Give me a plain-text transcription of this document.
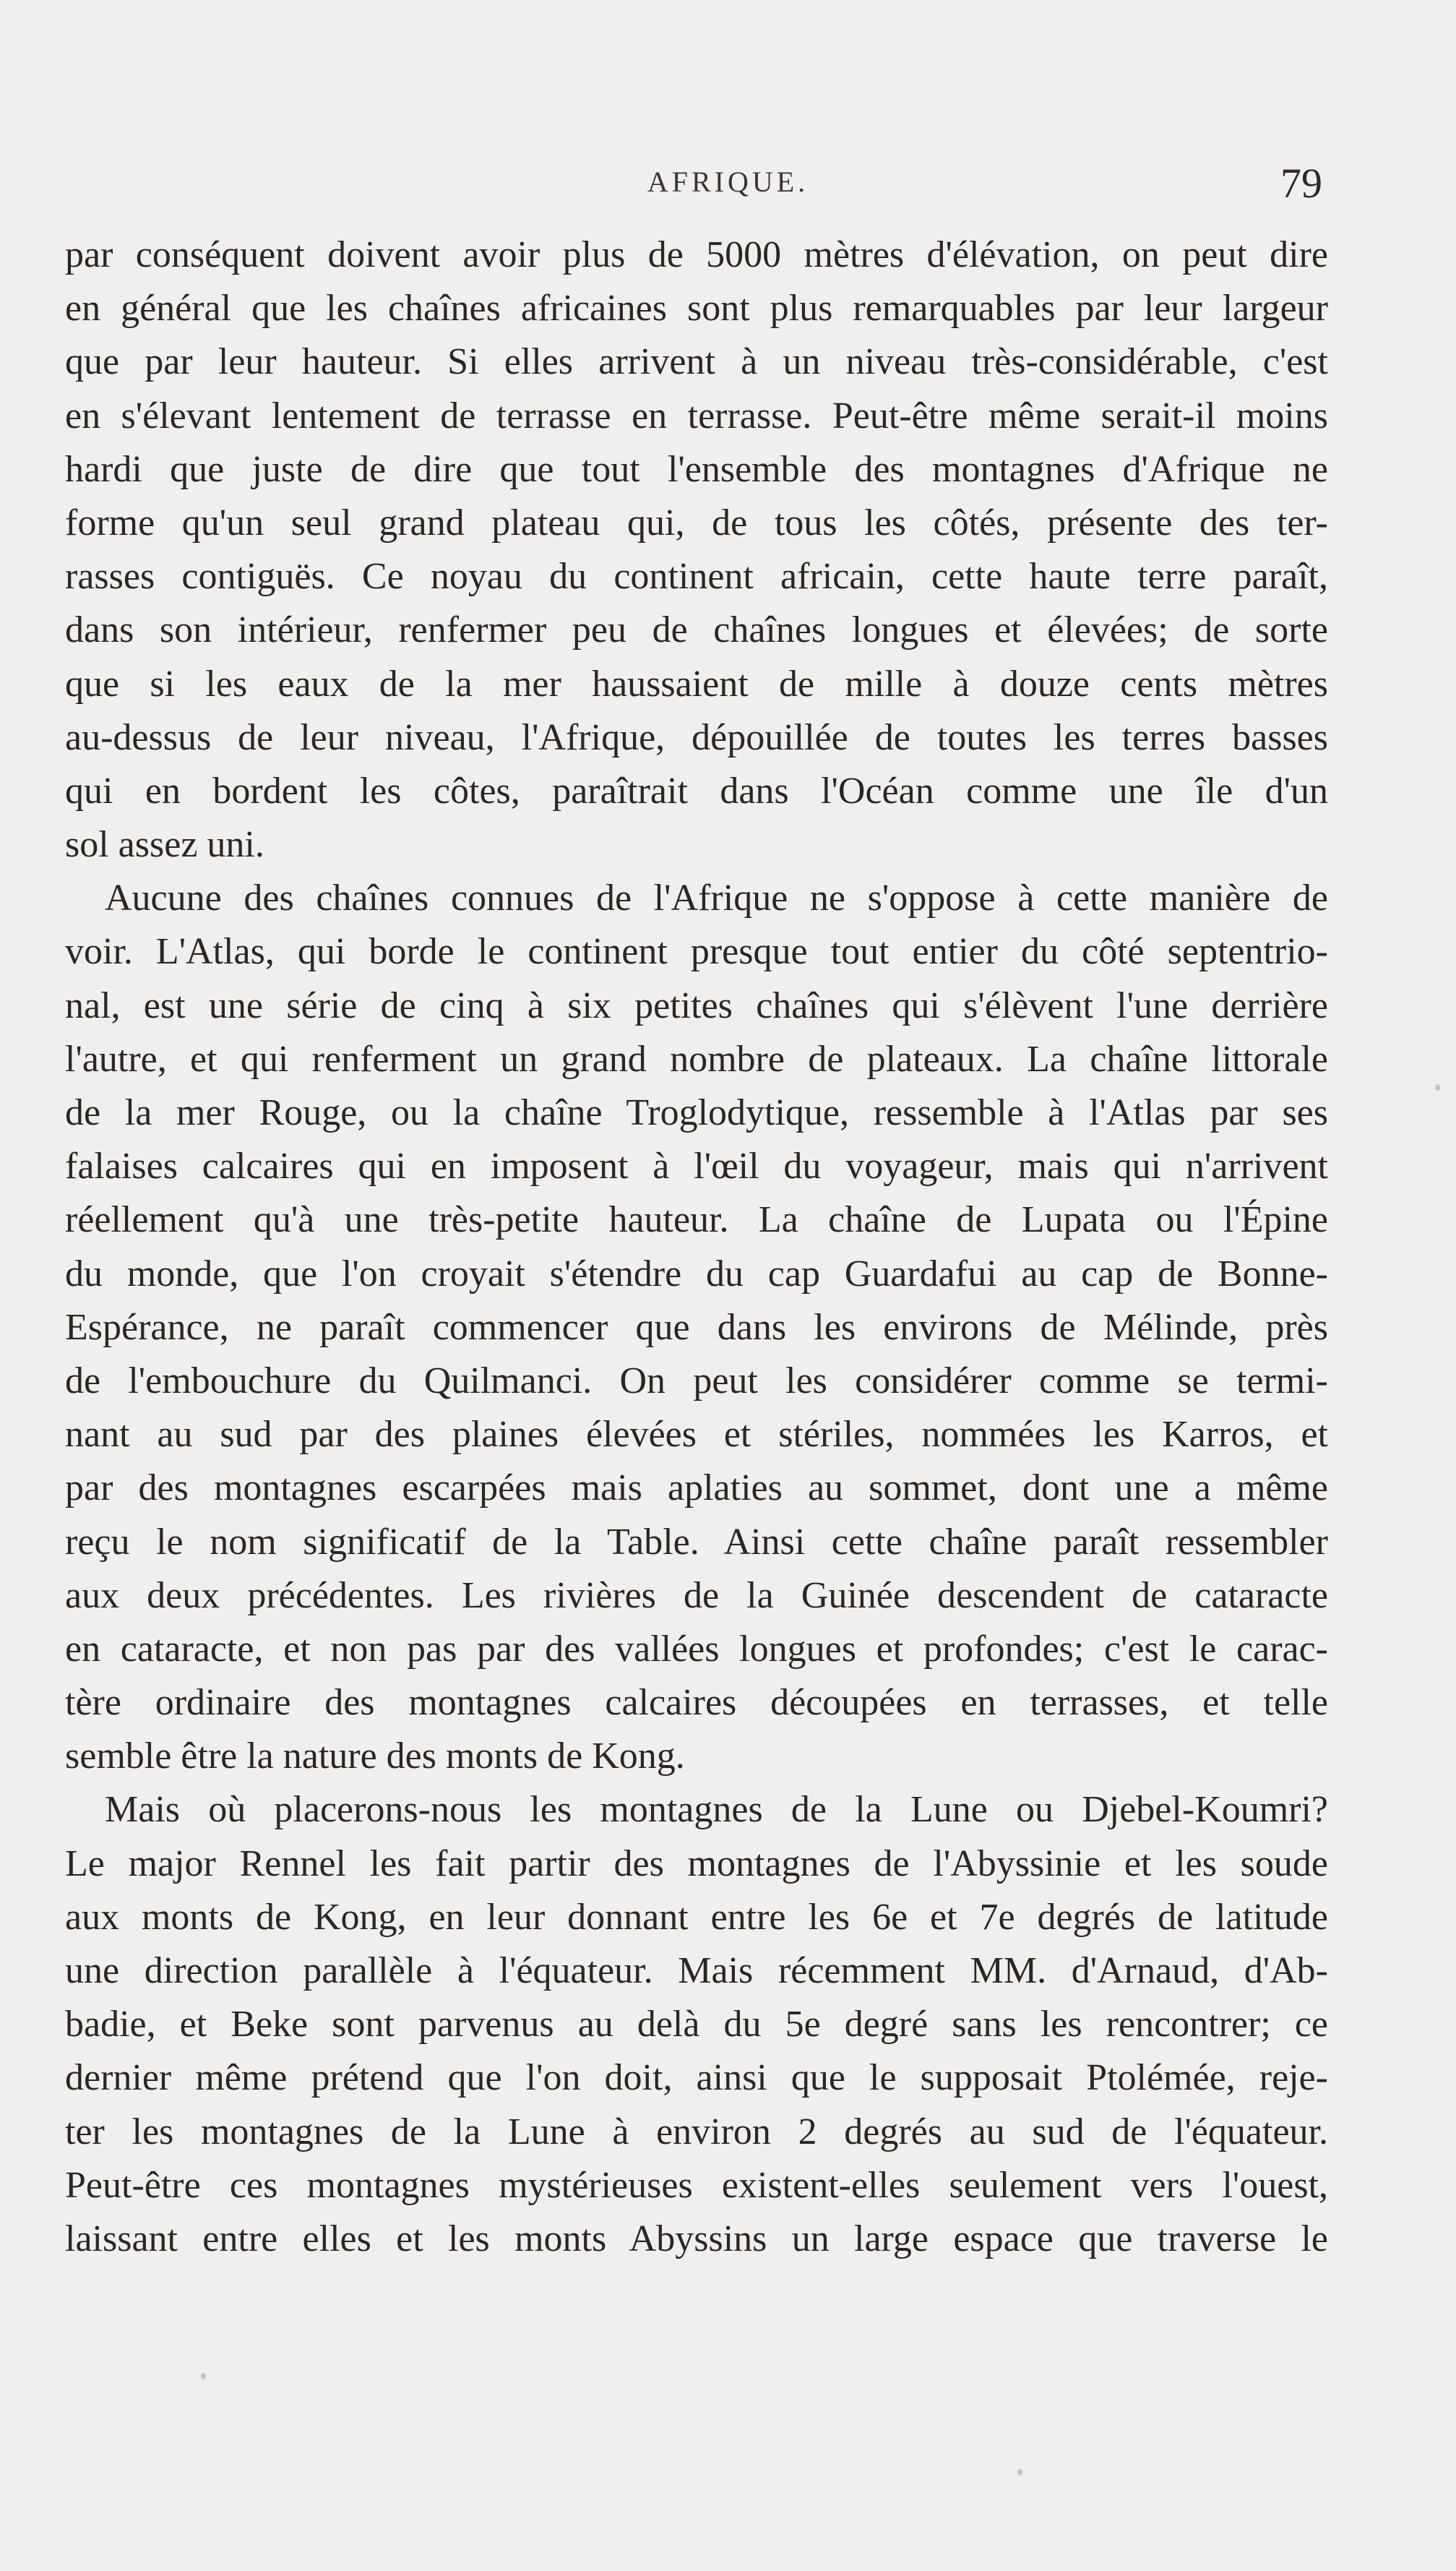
AFRIQUE.	79
par conséquent doivent avoir plus de 5000 mètres d'élévation, on peut dire
en général que les chaînes africaines sont plus remarquables par leur largeur
que par leur hauteur. Si elles arrivent à un niveau très-considérable, c'est
en s'élevant lentement de terrasse en terrasse. Peut-être même serait-il moins
hardi que juste de dire que tout l'ensemble des montagnes d'Afrique ne
forme qu'un seul grand plateau qui, de tous les côtés, présente des ter-
rasses contiguës. Ce noyau du continent africain, cette haute terre paraît,
dans son intérieur, renfermer peu de chaînes longues et élevées; de sorte
que si les eaux de la mer haussaient de mille à douze cents mètres
au-dessus de leur niveau, l'Afrique, dépouillée de toutes les terres basses
qui en bordent les côtes, paraîtrait dans l'Océan comme une île d'un
sol assez uni.
Aucune des chaînes connues de l'Afrique ne s'oppose à cette manière de
voir. L'Atlas, qui borde le continent presque tout entier du côté septentrio-
nal, est une série de cinq à six petites chaînes qui s'élèvent l'une derrière
l'autre, et qui renferment un grand nombre de plateaux. La chaîne littorale
de la mer Rouge, ou la chaîne Troglodytique, ressemble à l'Atlas par ses
falaises calcaires qui en imposent à l'œil du voyageur, mais qui n'arrivent
réellement qu'à une très-petite hauteur. La chaîne de Lupata ou l'Épine
du monde, que l'on croyait s'étendre du cap Guardafui au cap de Bonne-
Espérance, ne paraît commencer que dans les environs de Mélinde, près
de l'embouchure du Quilmanci. On peut les considérer comme se termi-
nant au sud par des plaines élevées et stériles, nommées les Karros, et
par des montagnes escarpées mais aplaties au sommet, dont une a même
reçu le nom significatif de la Table. Ainsi cette chaîne paraît ressembler
aux deux précédentes. Les rivières de la Guinée descendent de cataracte
en cataracte, et non pas par des vallées longues et profondes; c'est le carac-
tère ordinaire des montagnes calcaires découpées en terrasses, et telle
semble être la nature des monts de Kong.
Mais où placerons-nous les montagnes de la Lune ou Djebel-Koumri?
Le major Rennel les fait partir des montagnes de l'Abyssinie et les soude
aux monts de Kong, en leur donnant entre les 6e et 7e degrés de latitude
une direction parallèle à l'équateur. Mais récemment MM. d'Arnaud, d'Ab-
badie, et Beke sont parvenus au delà du 5e degré sans les rencontrer; ce
dernier même prétend que l'on doit, ainsi que le supposait Ptolémée, reje-
ter les montagnes de la Lune à environ 2 degrés au sud de l'équateur.
Peut-être ces montagnes mystérieuses existent-elles seulement vers l'ouest,
laissant entre elles et les monts Abyssins un large espace que traverse le
